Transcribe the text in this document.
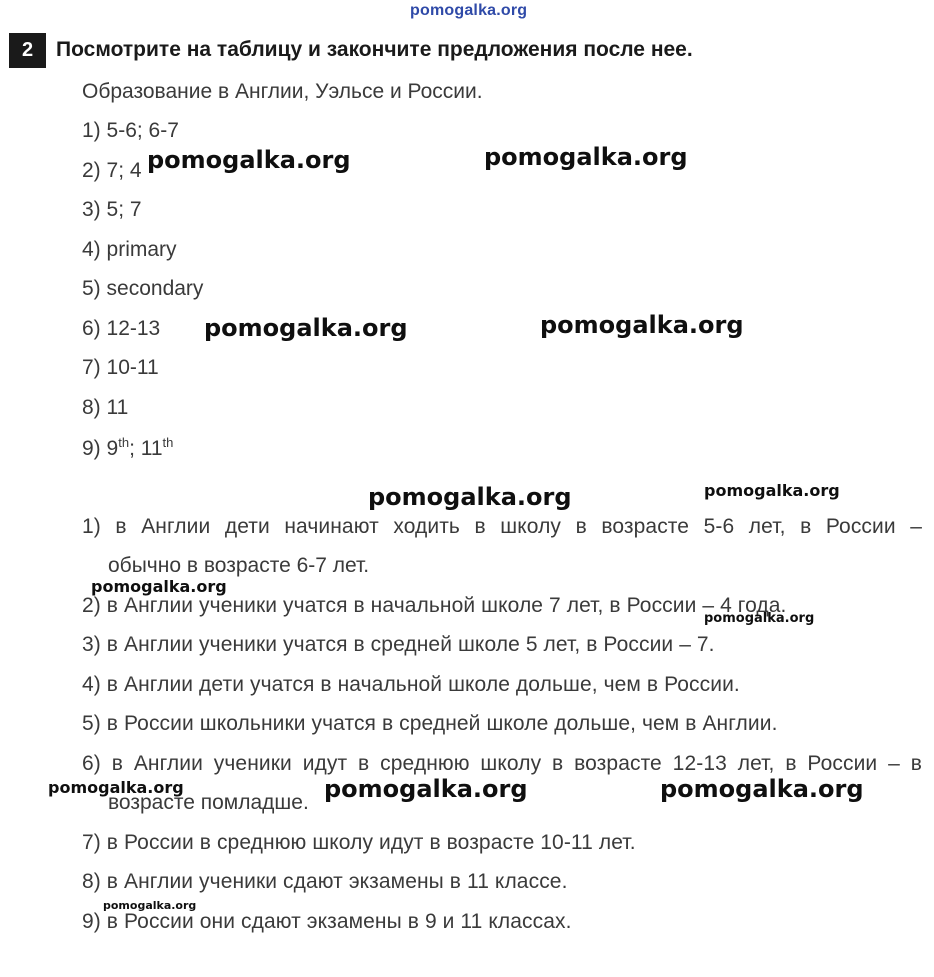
pomogalka.org
2	Посмотрите на таблицу и закончите предложения после нее.
Образование в Англии, Уэльсе и России.
1) 5-6; 6-7
2) 7; 4
3) 5; 7
4) primary
5) secondary
6) 12-13
7) 10-11
8) 11
9) 9th; 11th
1) в Англии дети начинают ходить в школу в возрасте 5-6 лет, в России –
обычно в возрасте 6-7 лет.
2) в Англии ученики учатся в начальной школе 7 лет, в России – 4 года.
3) в Англии ученики учатся в средней школе 5 лет, в России – 7.
4) в Англии дети учатся в начальной школе дольше, чем в России.
5) в России школьники учатся в средней школе дольше, чем в Англии.
6) в Англии ученики идут в среднюю школу в возрасте 12-13 лет, в России – в
возрасте помладше.
7) в России в среднюю школу идут в возрасте 10-11 лет.
8) в Англии ученики сдают экзамены в 11 классе.
9) в России они сдают экзамены в 9 и 11 классах.
pomogalka.org	pomogalka.org
pomogalka.org	pomogalka.org
pomogalka.org	pomogalka.org
pomogalka.org
pomogalka.org
pomogalka.org	pomogalka.org	pomogalka.org
pomogalka.org
